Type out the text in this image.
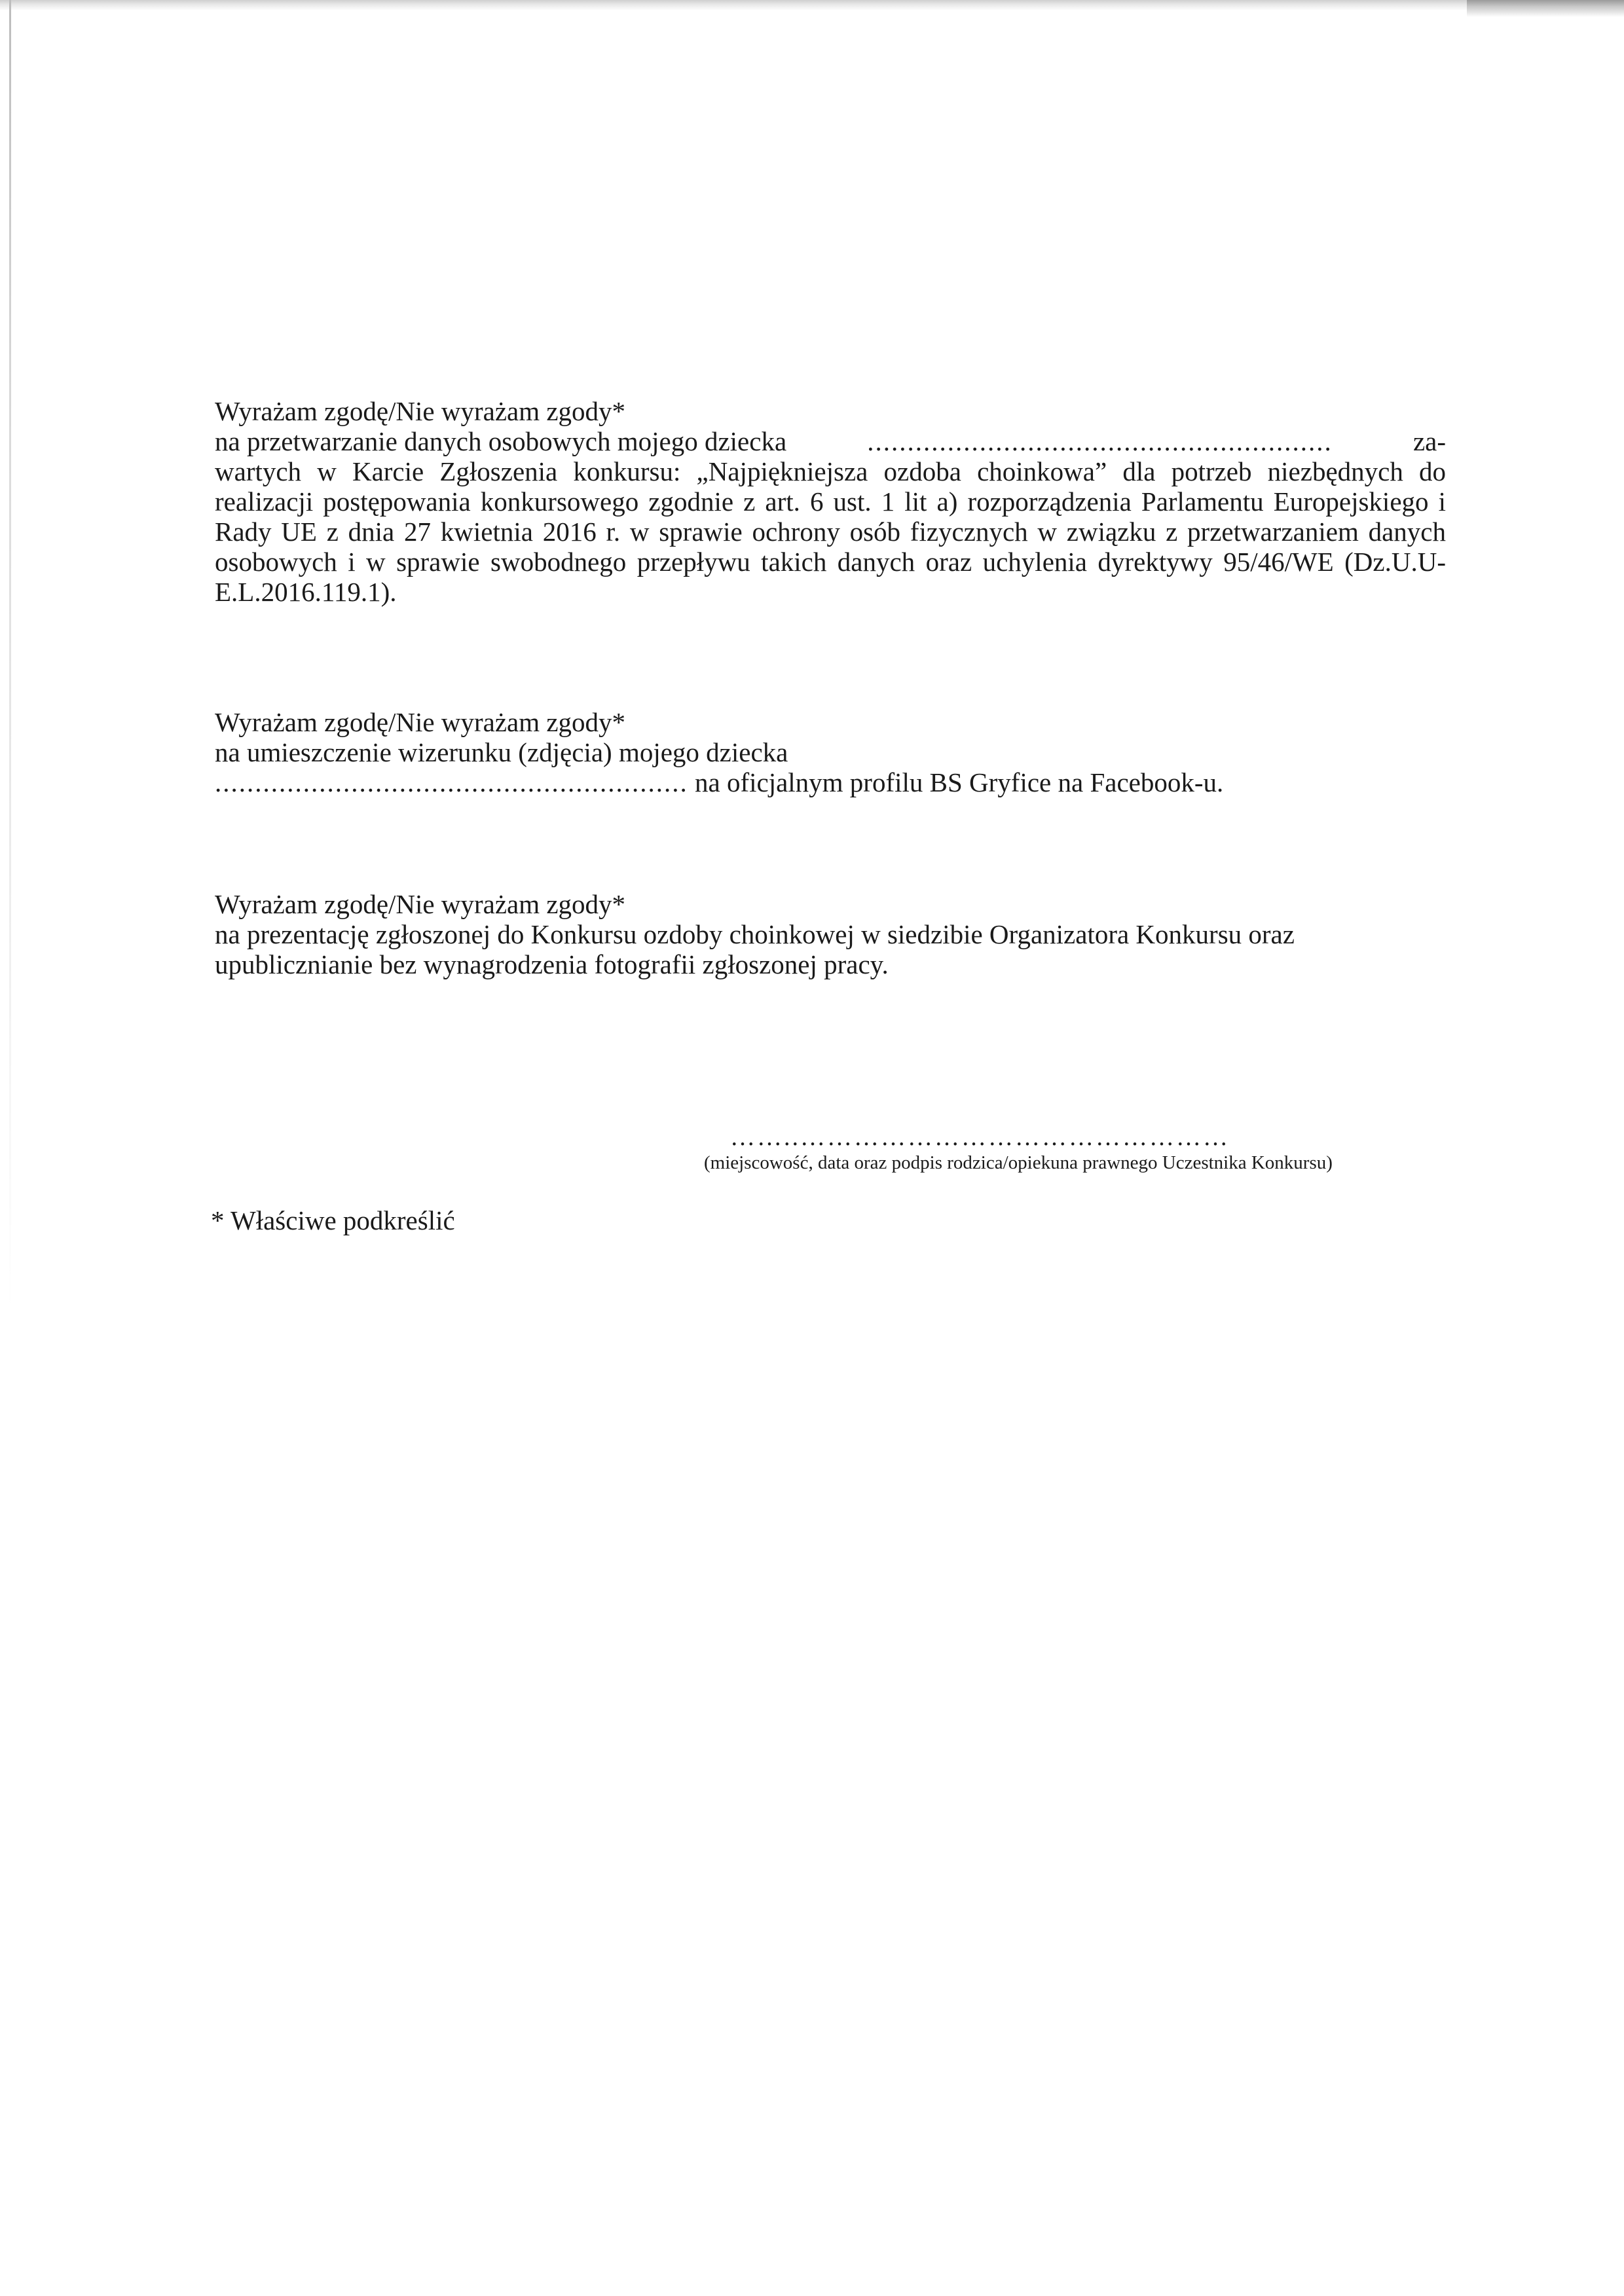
Wyrażam zgodę/Nie wyrażam zgody*
na przetwarzanie danych osobowych mojego dziecka	..........................................................	za-
wartych w Karcie Zgłoszenia konkursu: „Najpiękniejsza ozdoba choinkowa” dla potrzeb niezbędnych do realizacji postępowania konkursowego zgodnie z art. 6 ust. 1 lit a) rozporządzenia Parlamentu Europejskiego i Rady UE z dnia 27 kwietnia 2016 r. w sprawie ochrony osób fizycznych w związku z przetwarzaniem danych osobowych i w sprawie swobodnego przepływu takich danych oraz uchylenia dyrektywy 95/46/WE (Dz.U.U-E.L.2016.119.1).
Wyrażam zgodę/Nie wyrażam zgody*
na umieszczenie wizerunku (zdjęcia) mojego dziecka
........................................................... na oficjalnym profilu BS Gryfice na Facebook-u.
Wyrażam zgodę/Nie wyrażam zgody*
na prezentację zgłoszonej do Konkursu ozdoby choinkowej w siedzibie Organizatora Konkursu oraz
upublicznianie bez wynagrodzenia fotografii zgłoszonej pracy.
……..…………………………………………
(miejscowość, data oraz podpis rodzica/opiekuna prawnego Uczestnika Konkursu)
* Właściwe podkreślić
